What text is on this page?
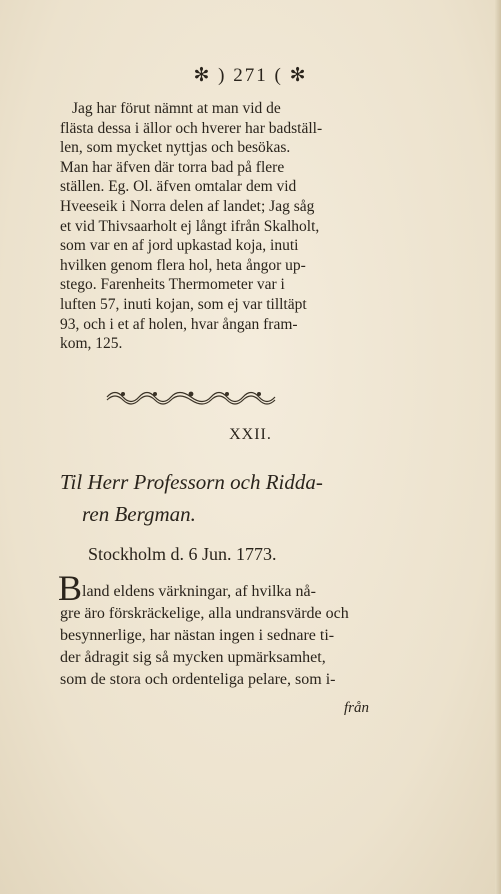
✻ ) 271 ( ✻
Jag har förut nämnt at man vid de
flästa dessa i ällor och hverer har badställ-
len, som mycket nyttjas och besökas.
Man har äfven där torra bad på flere
ställen. Eg. Ol. äfven omtalar dem vid
Hveeseik i Norra delen af landet; Jag såg
et vid Thivsaarholt ej långt ifrån Skalholt,
som var en af jord upkastad koja, inuti
hvilken genom flera hol, heta ångor up-
stego. Farenheits Thermometer var i
luften 57, inuti kojan, som ej var tilltäpt
93, och i et af holen, hvar ångan fram-
kom, 125.
XXII.
Til Herr Professorn och Ridda-
ren Bergman.
Stockholm d. 6 Jun. 1773.
B land eldens värkningar, af hvilka nå-
gre äro förskräckelige, alla undransvärde och
besynnerlige, har nästan ingen i sednare ti-
der ådragit sig så mycken upmärksamhet,
som de stora och ordenteliga pelare, som i-
från
